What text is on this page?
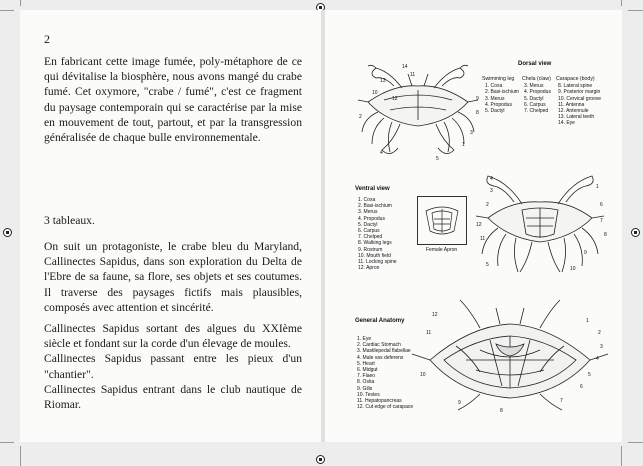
2

En fabricant cette image fumée, poly-métaphore de ce qui dévitalise la biosphère, nous avons mangé du crabe fumé. Cet oxymore, "crabe / fumé", c'est ce fragment du paysage contemporain qui se caractérise par la mise en mouvement de tout, partout, et par la transgression généralisée de chaque bulle environnementale.

3 tableaux.

On suit un protagoniste, le crabe bleu du Maryland, Callinectes Sapidus, dans son exploration du Delta de l'Ebre de sa faune, sa flore, ses objets et ses coutumes. Il traverse des paysages fictifs mais plausibles, composés avec attention et sincérité.

Callinectes Sapidus sortant des algues du XXIème siècle et fondant sur la corde d'un élevage de moules.
Callinectes Sapidus passant entre les pieux d'un "chantier".
Callinectes Sapidus entrant dans le club nautique de Riomar.
14
11
13
10
12	9
8
2
3
1
4
5
Dorsal view
Swimming leg
1. Coxa
2. Basi-ischium
3. Merus
4. Propodus
5. Dactyl
Chela (claw)
3. Merus
4. Propodus
5. Dactyl
6. Carpus
7. Chelped
Carapace (body)
8. Lateral spine
9. Posterior margin
10. Cervical groove
11. Antenna
12. Antennule
13. Lateral teeth
14. Eye
Ventral view
1. Coxa
2. Basi-ischium
3. Merus
4. Propodus
5. Dactyl
6. Carpus
7. Chelped
8. Walking legs
9. Rostrum
10. Mouth field
11. Locking spine
12. Apron
Female Apron
4
3
2
12
11
5
1
6
7
8
9
10
General Anatomy
1. Eye
2. Cardiac Stomach
3. Mastilepedal flabellae
4. Male vas deferens
5. Heart
6. Midgut
7. Flaeo
8. Ostia
9. Gills
10. Testes
11. Hepatopancreas
12. Cut edge of carapace
12
11
10
1
2
3
4
5
6
7
8
9
